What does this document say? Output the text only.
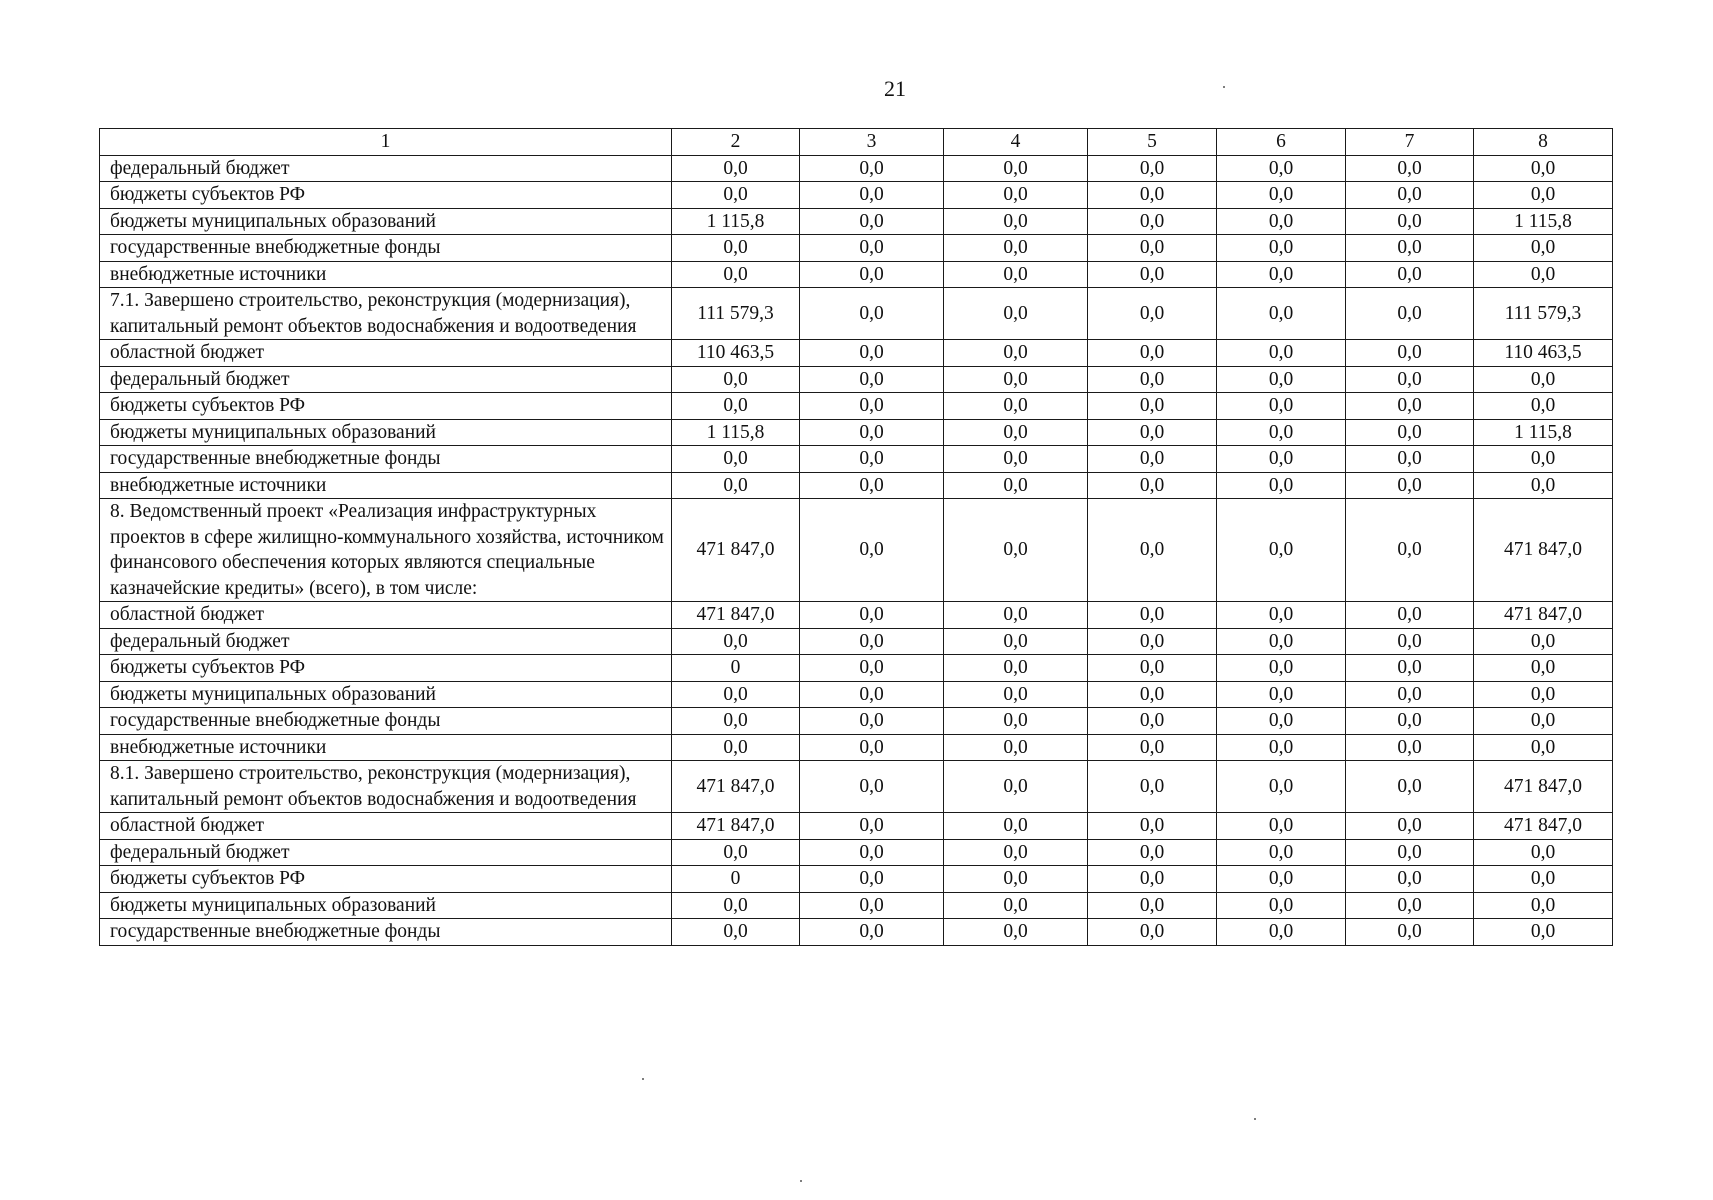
21
1	2	3	4	5	6	7	8
федеральный бюджет	0,0	0,0	0,0	0,0	0,0	0,0	0,0
бюджеты субъектов РФ	0,0	0,0	0,0	0,0	0,0	0,0	0,0
бюджеты муниципальных образований	1 115,8	0,0	0,0	0,0	0,0	0,0	1 115,8
государственные внебюджетные фонды	0,0	0,0	0,0	0,0	0,0	0,0	0,0
внебюджетные источники	0,0	0,0	0,0	0,0	0,0	0,0	0,0
7.1. Завершено строительство, реконструкция (модернизация), капитальный ремонт объектов водоснабжения и водоотведения	111 579,3	0,0	0,0	0,0	0,0	0,0	111 579,3
областной бюджет	110 463,5	0,0	0,0	0,0	0,0	0,0	110 463,5
федеральный бюджет	0,0	0,0	0,0	0,0	0,0	0,0	0,0
бюджеты субъектов РФ	0,0	0,0	0,0	0,0	0,0	0,0	0,0
бюджеты муниципальных образований	1 115,8	0,0	0,0	0,0	0,0	0,0	1 115,8
государственные внебюджетные фонды	0,0	0,0	0,0	0,0	0,0	0,0	0,0
внебюджетные источники	0,0	0,0	0,0	0,0	0,0	0,0	0,0
8. Ведомственный проект «Реализация инфраструктурных проектов в сфере жилищно-коммунального хозяйства, источником финансового обеспечения которых являются специальные казначейские кредиты» (всего), в том числе:	471 847,0	0,0	0,0	0,0	0,0	0,0	471 847,0
областной бюджет	471 847,0	0,0	0,0	0,0	0,0	0,0	471 847,0
федеральный бюджет	0,0	0,0	0,0	0,0	0,0	0,0	0,0
бюджеты субъектов РФ	0	0,0	0,0	0,0	0,0	0,0	0,0
бюджеты муниципальных образований	0,0	0,0	0,0	0,0	0,0	0,0	0,0
государственные внебюджетные фонды	0,0	0,0	0,0	0,0	0,0	0,0	0,0
внебюджетные источники	0,0	0,0	0,0	0,0	0,0	0,0	0,0
8.1. Завершено строительство, реконструкция (модернизация), капитальный ремонт объектов водоснабжения и водоотведения	471 847,0	0,0	0,0	0,0	0,0	0,0	471 847,0
областной бюджет	471 847,0	0,0	0,0	0,0	0,0	0,0	471 847,0
федеральный бюджет	0,0	0,0	0,0	0,0	0,0	0,0	0,0
бюджеты субъектов РФ	0	0,0	0,0	0,0	0,0	0,0	0,0
бюджеты муниципальных образований	0,0	0,0	0,0	0,0	0,0	0,0	0,0
государственные внебюджетные фонды	0,0	0,0	0,0	0,0	0,0	0,0	0,0
